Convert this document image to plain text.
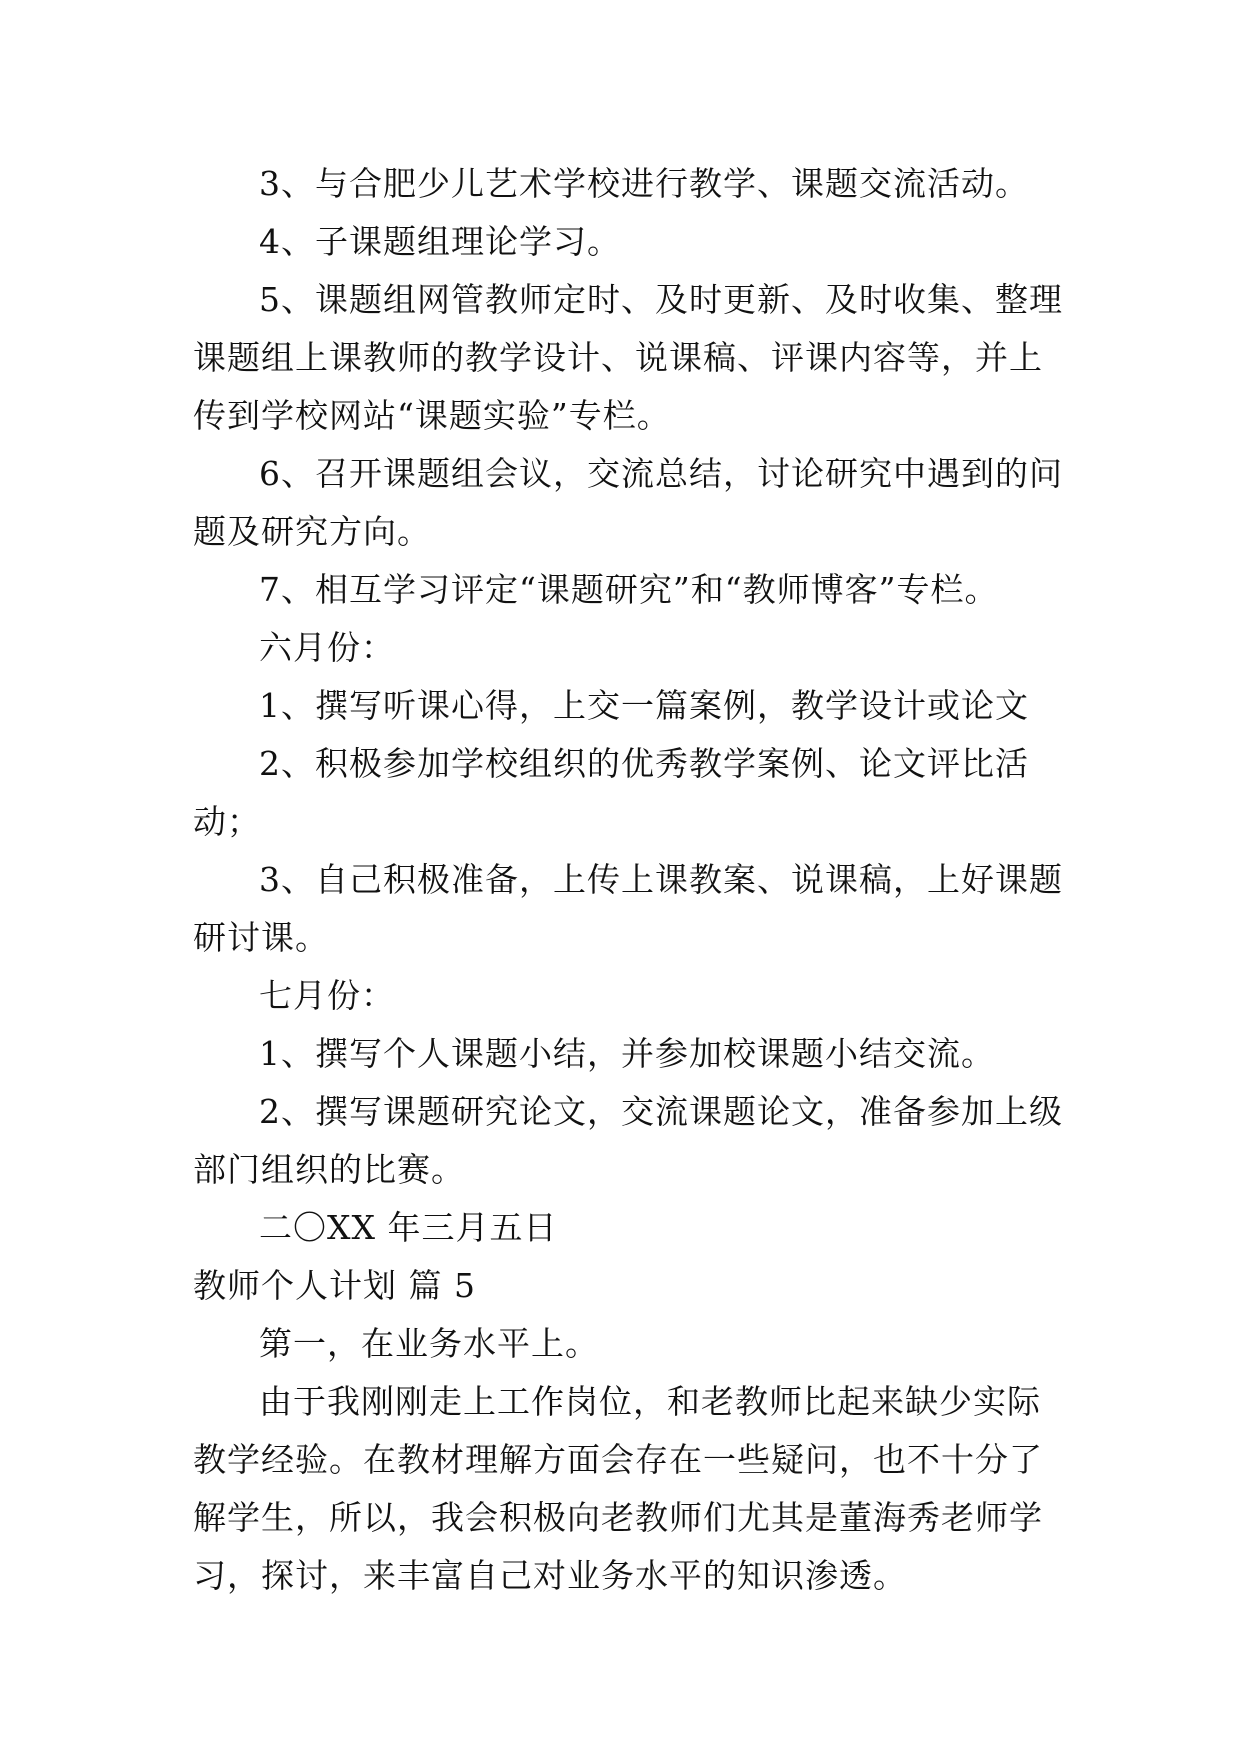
3、与合肥少儿艺术学校进行教学、课题交流活动。

4、子课题组理论学习。

5、课题组网管教师定时、及时更新、及时收集、整理课题组上课教师的教学设计、说课稿、评课内容等，并上传到学校网站“课题实验”专栏。

6、召开课题组会议，交流总结，讨论研究中遇到的问题及研究方向。

7、相互学习评定“课题研究”和“教师博客”专栏。

六月份：

1、撰写听课心得，上交一篇案例，教学设计或论文

2、积极参加学校组织的优秀教学案例、论文评比活动；

3、自己积极准备，上传上课教案、说课稿，上好课题研讨课。

七月份：

1、撰写个人课题小结，并参加校课题小结交流。

2、撰写课题研究论文，交流课题论文，准备参加上级部门组织的比赛。

二〇XX 年三月五日

教师个人计划 篇 5

第一，在业务水平上。

由于我刚刚走上工作岗位，和老教师比起来缺少实际教学经验。在教材理解方面会存在一些疑问，也不十分了解学生，所以，我会积极向老教师们尤其是董海秀老师学习，探讨，来丰富自己对业务水平的知识渗透。
